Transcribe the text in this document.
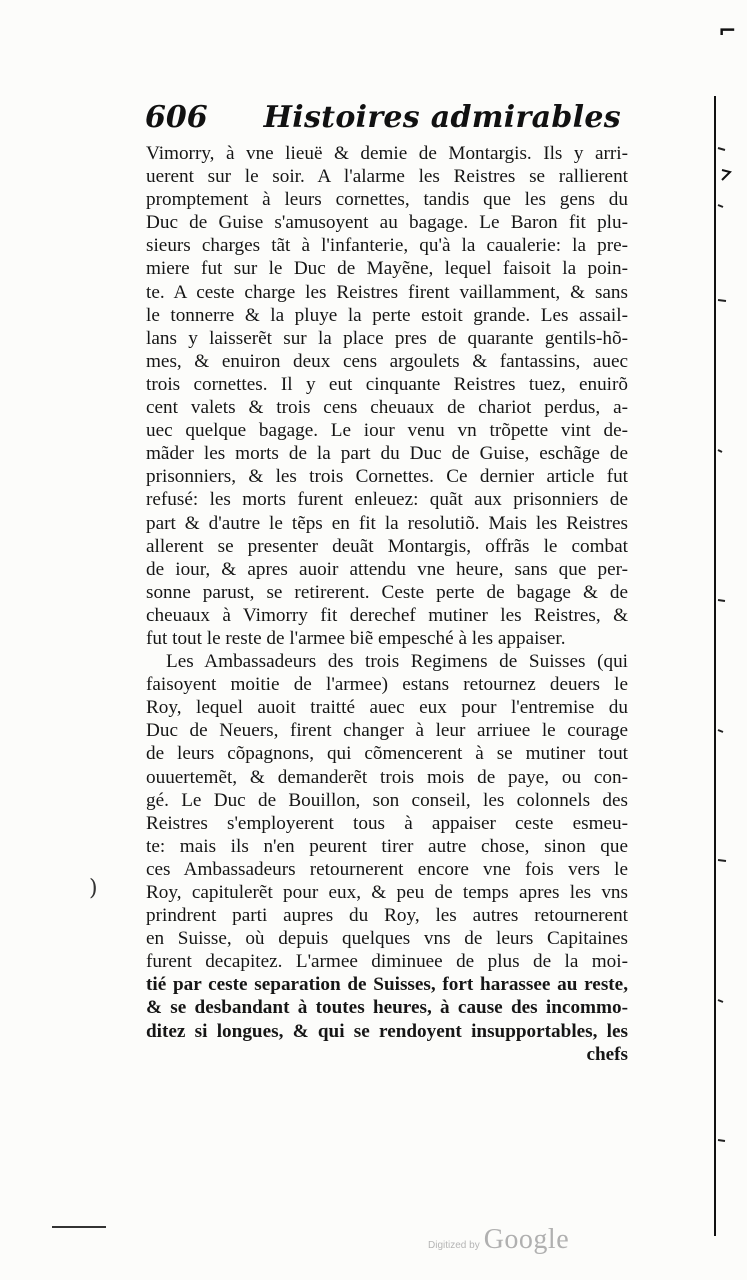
⌐
606 Histoires admirables
Vimorry, à vne lieuë & demie de Montargis. Ils y arri-
uerent sur le soir. A l'alarme les Reistres se rallierent
promptement à leurs cornettes, tandis que les gens du
Duc de Guise s'amusoyent au bagage. Le Baron fit plu-
sieurs charges tãt à l'infanterie, qu'à la caualerie: la pre-
miere fut sur le Duc de Mayẽne, lequel faisoit la poin-
te. A ceste charge les Reistres firent vaillamment, & sans
le tonnerre & la pluye la perte estoit grande. Les assail-
lans y laisserẽt sur la place pres de quarante gentils-hõ-
mes, & enuiron deux cens argoulets & fantassins, auec
trois cornettes. Il y eut cinquante Reistres tuez, enuirõ
cent valets & trois cens cheuaux de chariot perdus, a-
uec quelque bagage. Le iour venu vn trõpette vint de-
mãder les morts de la part du Duc de Guise, eschãge de
prisonniers, & les trois Cornettes. Ce dernier article fut
refusé: les morts furent enleuez: quãt aux prisonniers de
part & d'autre le tẽps en fit la resolutiõ. Mais les Reistres
allerent se presenter deuãt Montargis, offrãs le combat
de iour, & apres auoir attendu vne heure, sans que per-
sonne parust, se retirerent. Ceste perte de bagage & de
cheuaux à Vimorry fit derechef mutiner les Reistres, &
fut tout le reste de l'armee biẽ empesché à les appaiser.
Les Ambassadeurs des trois Regimens de Suisses (qui
faisoyent moitie de l'armee) estans retournez deuers le
Roy, lequel auoit traitté auec eux pour l'entremise du
Duc de Neuers, firent changer à leur arriuee le courage
de leurs cõpagnons, qui cõmencerent à se mutiner tout
ouuertemẽt, & demanderẽt trois mois de paye, ou con-
gé. Le Duc de Bouillon, son conseil, les colonnels des
Reistres s'employerent tous à appaiser ceste esmeu-
te: mais ils n'en peurent tirer autre chose, sinon que
ces Ambassadeurs retournerent encore vne fois vers le
Roy, capitulerẽt pour eux, & peu de temps apres les vns
prindrent parti aupres du Roy, les autres retournerent
en Suisse, où depuis quelques vns de leurs Capitaines
furent decapitez. L'armee diminuee de plus de la moi-
tié par ceste separation de Suisses, fort harassee au reste,
& se desbandant à toutes heures, à cause des incommo-
ditez si longues, & qui se rendoyent insupportables, les
chefs
)
Digitized by Google
